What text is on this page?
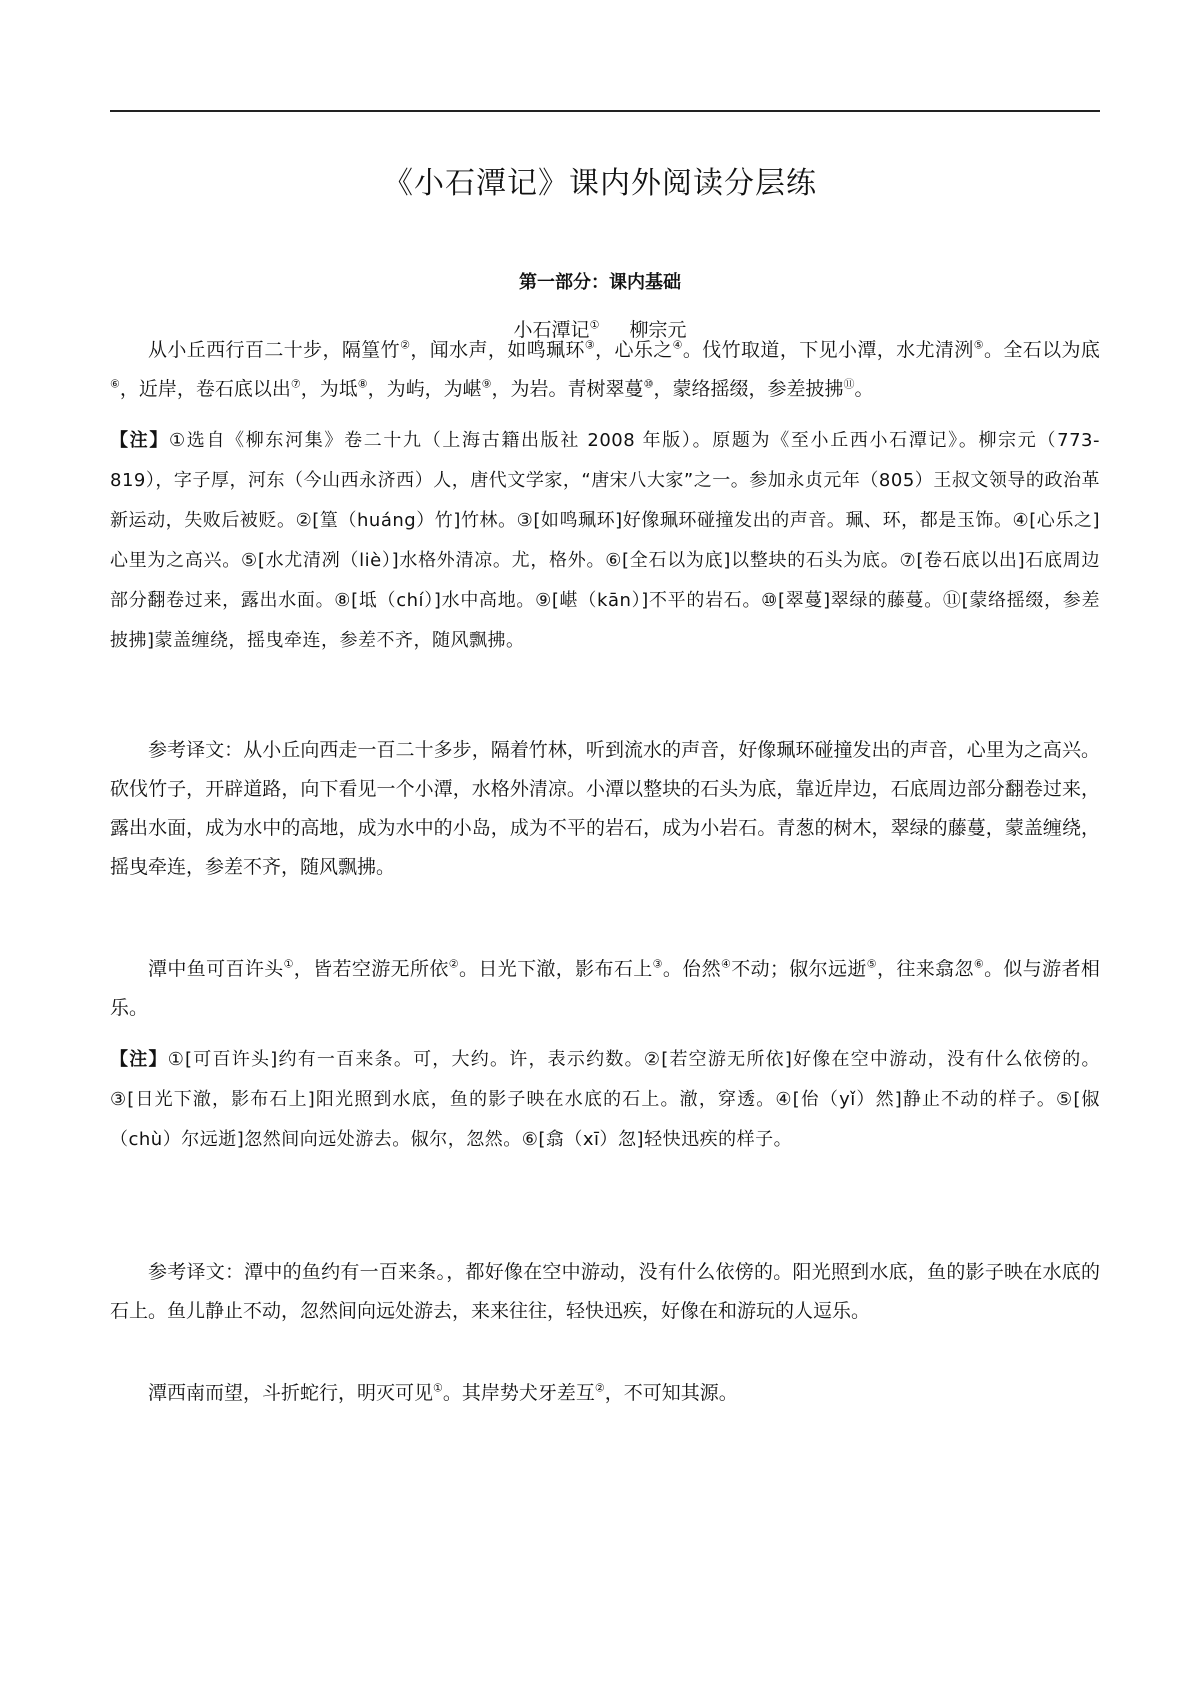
《小石潭记》课内外阅读分层练
第一部分：课内基础
小石潭记① 柳宗元

从小丘西行百二十步，隔篁竹②，闻水声，如鸣珮环③，心乐之④。伐竹取道，下见小潭，水尤清洌⑤。全石以为底⑥，近岸，卷石底以出⑦，为坻⑧，为屿，为嵁⑨，为岩。青树翠蔓⑩，蒙络摇缀，参差披拂⑪。

【注】①选自《柳东河集》卷二十九（上海古籍出版社 2008 年版）。原题为《至小丘西小石潭记》。柳宗元（773-819），字子厚，河东（今山西永济西）人，唐代文学家，“唐宋八大家”之一。参加永贞元年（805）王叔文领导的政治革新运动，失败后被贬。②[篁（huáng）竹]竹林。③[如鸣珮环]好像珮环碰撞发出的声音。珮、环，都是玉饰。④[心乐之]心里为之高兴。⑤[水尤清冽（liè）]水格外清凉。尤，格外。⑥[全石以为底]以整块的石头为底。⑦[卷石底以出]石底周边部分翻卷过来，露出水面。⑧[坻（chí）]水中高地。⑨[嵁（kān）]不平的岩石。⑩[翠蔓]翠绿的藤蔓。⑪[蒙络摇缀，参差披拂]蒙盖缠绕，摇曳牵连，参差不齐，随风飘拂。

参考译文：从小丘向西走一百二十多步，隔着竹林，听到流水的声音，好像珮环碰撞发出的声音，心里为之高兴。砍伐竹子，开辟道路，向下看见一个小潭，水格外清凉。小潭以整块的石头为底，靠近岸边，石底周边部分翻卷过来，露出水面，成为水中的高地，成为水中的小岛，成为不平的岩石，成为小岩石。青葱的树木，翠绿的藤蔓，蒙盖缠绕，摇曳牵连，参差不齐，随风飘拂。

潭中鱼可百许头①，皆若空游无所依②。日光下澈，影布石上③。佁然④不动；俶尔远逝⑤，往来翕忽⑥。似与游者相乐。

【注】①[可百许头]约有一百来条。可，大约。许，表示约数。②[若空游无所依]好像在空中游动，没有什么依傍的。③[日光下澈，影布石上]阳光照到水底，鱼的影子映在水底的石上。澈，穿透。④[佁（yǐ）然]静止不动的样子。⑤[俶（chù）尔远逝]忽然间向远处游去。俶尔，忽然。⑥[翕（xī）忽]轻快迅疾的样子。

参考译文：潭中的鱼约有一百来条。，都好像在空中游动，没有什么依傍的。阳光照到水底，鱼的影子映在水底的石上。鱼儿静止不动，忽然间向远处游去，来来往往，轻快迅疾，好像在和游玩的人逗乐。

潭西南而望，斗折蛇行，明灭可见①。其岸势犬牙差互②，不可知其源。
